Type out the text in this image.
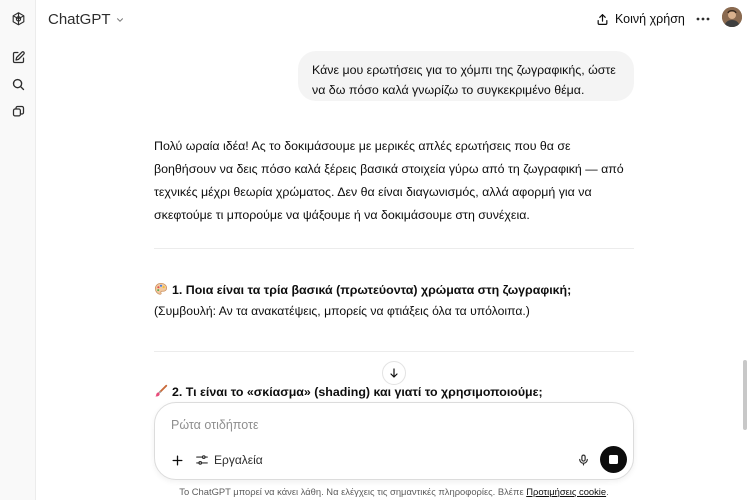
ChatGPT	Κοινή χρήση
Κάνε μου ερωτήσεις για το χόμπι της ζωγραφικής, ώστε να δω πόσο καλά γνωρίζω το συγκεκριμένο θέμα.
Πολύ ωραία ιδέα! Ας το δοκιμάσουμε με μερικές απλές ερωτήσεις που θα σε βοηθήσουν να δεις πόσο καλά ξέρεις βασικά στοιχεία γύρω από τη ζωγραφική — από τεχνικές μέχρι θεωρία χρώματος. Δεν θα είναι διαγωνισμός, αλλά αφορμή για να σκεφτούμε τι μπορούμε να ψάξουμε ή να δοκιμάσουμε στη συνέχεια.
1. Ποια είναι τα τρία βασικά (πρωτεύοντα) χρώματα στη ζωγραφική;
(Συμβουλή: Αν τα ανακατέψεις, μπορείς να φτιάξεις όλα τα υπόλοιπα.)
2. Τι είναι το «σκίασμα» (shading) και γιατί το χρησιμοποιούμε;
Ρώτα οτιδήποτε
Εργαλεία
Το ChatGPT μπορεί να κάνει λάθη. Να ελέγχεις τις σημαντικές πληροφορίες. Βλέπε Προτιμήσεις cookie.
